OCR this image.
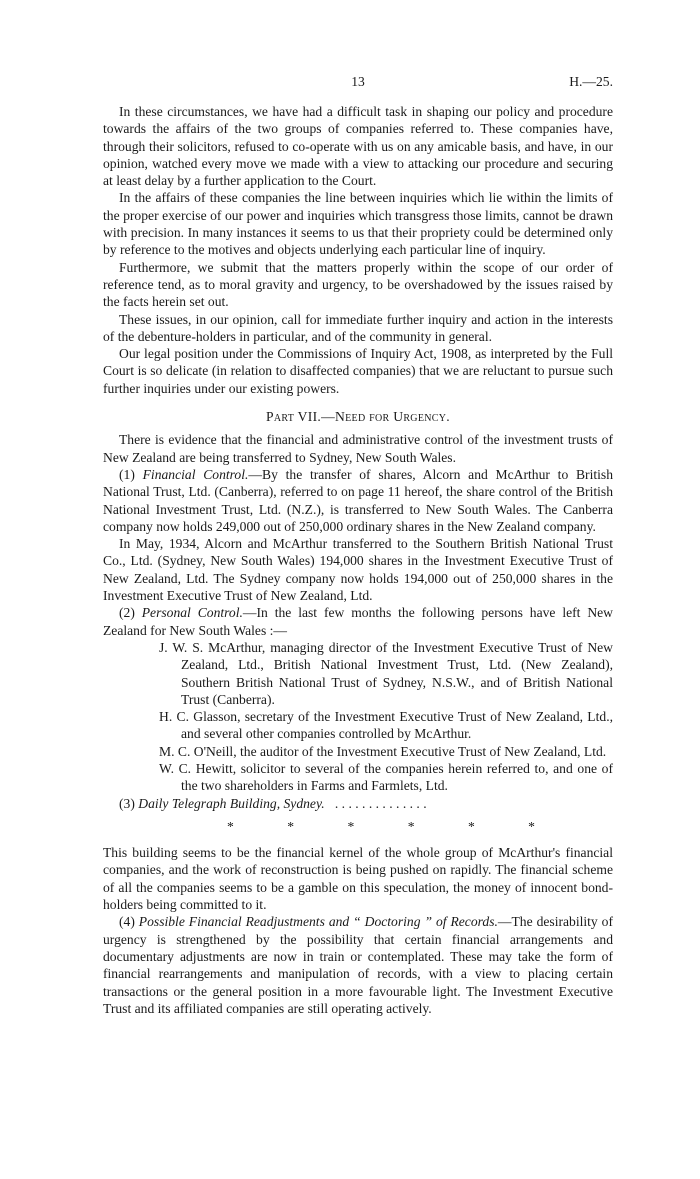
13	H.—25.

In these circumstances, we have had a difficult task in shaping our policy and procedure towards the affairs of the two groups of companies referred to. These companies have, through their solicitors, refused to co-operate with us on any amicable basis, and have, in our opinion, watched every move we made with a view to attacking our procedure and securing at least delay by a further application to the Court.

In the affairs of these companies the line between inquiries which lie within the limits of the proper exercise of our power and inquiries which transgress those limits, cannot be drawn with precision. In many instances it seems to us that their propriety could be determined only by reference to the motives and objects underlying each particular line of inquiry.

Furthermore, we submit that the matters properly within the scope of our order of reference tend, as to moral gravity and urgency, to be overshadowed by the issues raised by the facts herein set out.

These issues, in our opinion, call for immediate further inquiry and action in the interests of the debenture-holders in particular, and of the community in general.

Our legal position under the Commissions of Inquiry Act, 1908, as interpreted by the Full Court is so delicate (in relation to disaffected companies) that we are reluctant to pursue such further inquiries under our existing powers.

Part VII.—Need for Urgency.

There is evidence that the financial and administrative control of the investment trusts of New Zealand are being transferred to Sydney, New South Wales.

(1) Financial Control.—By the transfer of shares, Alcorn and McArthur to British National Trust, Ltd. (Canberra), referred to on page 11 hereof, the share control of the British National Investment Trust, Ltd. (N.Z.), is transferred to New South Wales. The Canberra company now holds 249,000 out of 250,000 ordinary shares in the New Zealand company.

In May, 1934, Alcorn and McArthur transferred to the Southern British National Trust Co., Ltd. (Sydney, New South Wales) 194,000 shares in the Investment Executive Trust of New Zealand, Ltd. The Sydney company now holds 194,000 out of 250,000 shares in the Investment Executive Trust of New Zealand, Ltd.

(2) Personal Control.—In the last few months the following persons have left New Zealand for New South Wales :—

J. W. S. McArthur, managing director of the Investment Executive Trust of New Zealand, Ltd., British National Investment Trust, Ltd. (New Zealand), Southern British National Trust of Sydney, N.S.W., and of British National Trust (Canberra).
H. C. Glasson, secretary of the Investment Executive Trust of New Zealand, Ltd., and several other companies controlled by McArthur.
M. C. O'Neill, the auditor of the Investment Executive Trust of New Zealand, Ltd.
W. C. Hewitt, solicitor to several of the companies herein referred to, and one of the two shareholders in Farms and Farmlets, Ltd.

(3) Daily Telegraph Building, Sydney. . . . . . . . . . . . . . .

*	*	*	*	*	*

This building seems to be the financial kernel of the whole group of McArthur's financial companies, and the work of reconstruction is being pushed on rapidly. The financial scheme of all the companies seems to be a gamble on this speculation, the money of innocent bond-holders being committed to it.

(4) Possible Financial Readjustments and “ Doctoring ” of Records.—The desirability of urgency is strengthened by the possibility that certain financial arrangements and documentary adjustments are now in train or contemplated. These may take the form of financial rearrangements and manipulation of records, with a view to placing certain transactions or the general position in a more favourable light. The Investment Executive Trust and its affiliated companies are still operating actively.
